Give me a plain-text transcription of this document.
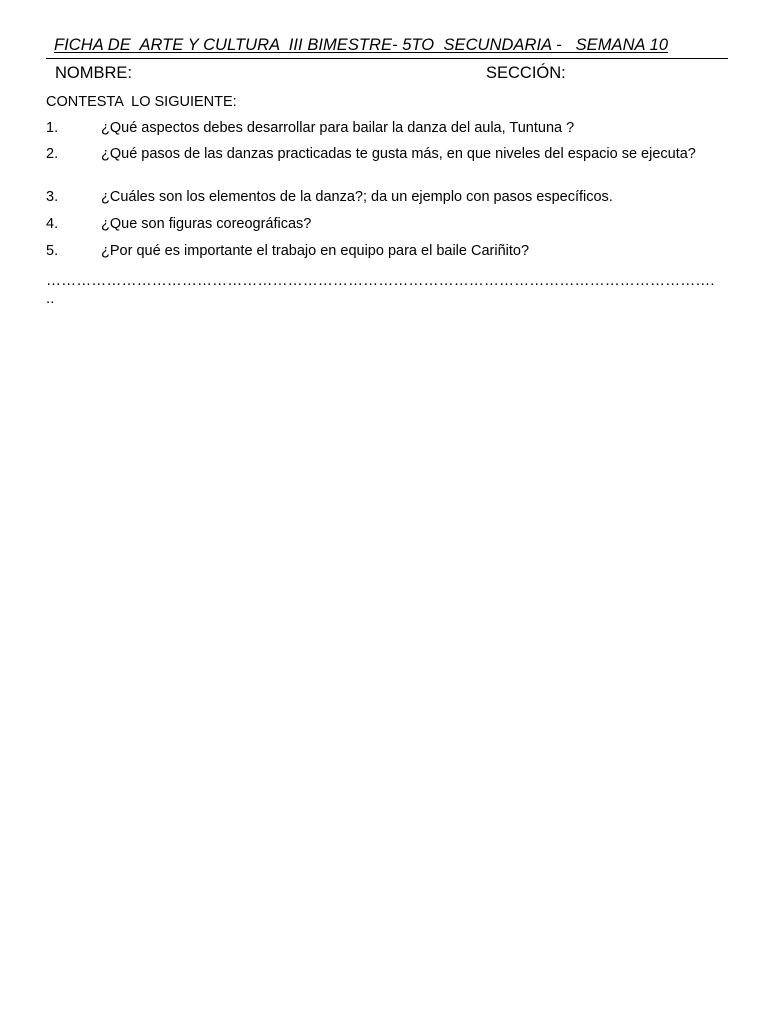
FICHA DE  ARTE Y CULTURA  III BIMESTRE- 5TO  SECUNDARIA -   SEMANA 10
NOMBRE:	SECCIÓN:
CONTESTA  LO SIGUIENTE:
1.	¿Qué aspectos debes desarrollar para bailar la danza del aula, Tuntuna ?
2.	¿Qué pasos de las danzas practicadas te gusta más, en que niveles del espacio se ejecuta?
3.	¿Cuáles son los elementos de la danza?; da un ejemplo con pasos específicos.
4.	¿Que son figuras coreográficas?
5.	¿Por qué es importante el trabajo en equipo para el baile Cariñito?
……………………………………………………………………………………………………………………...
